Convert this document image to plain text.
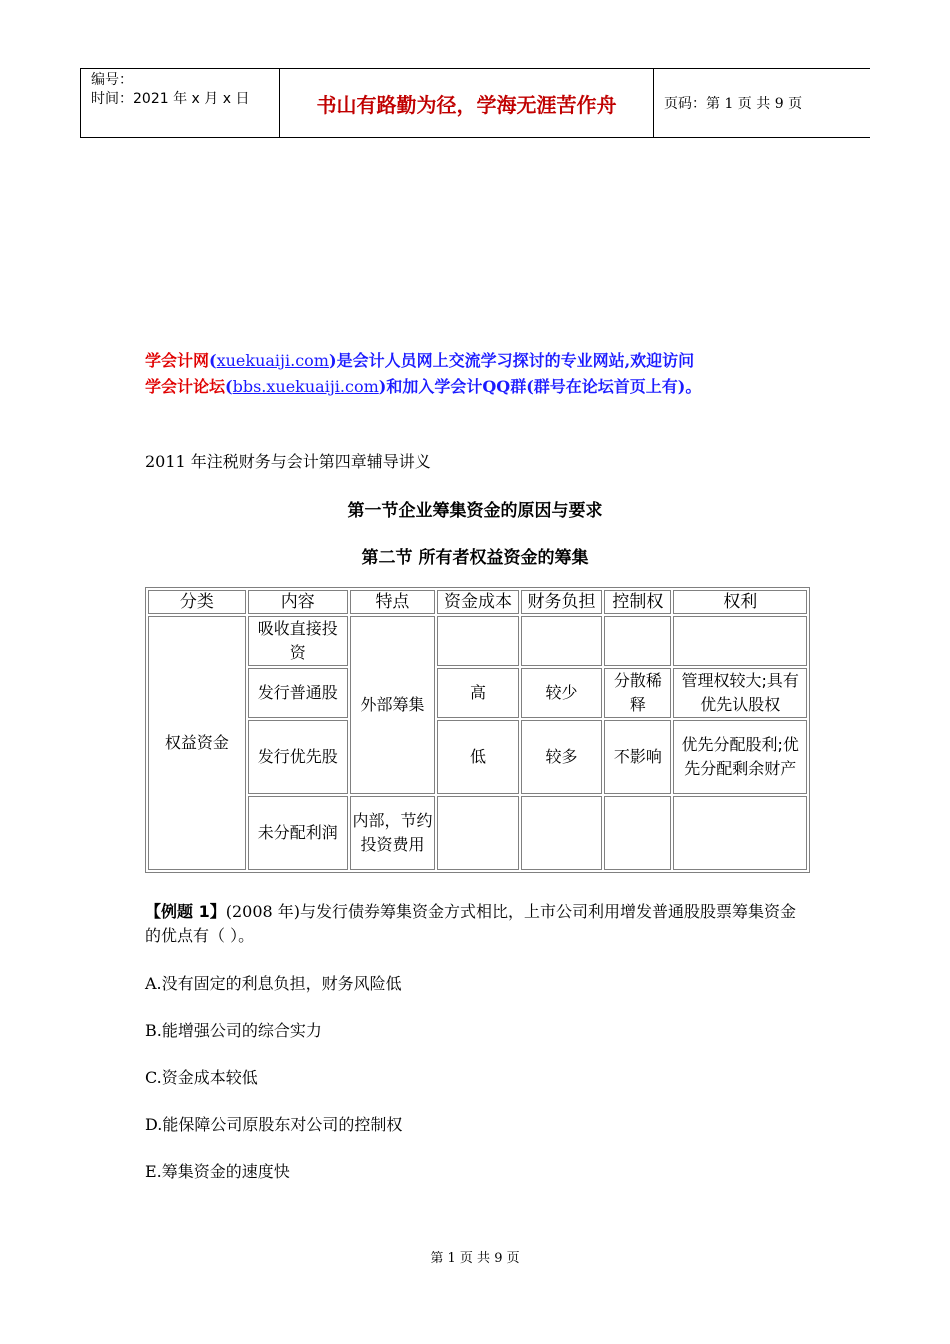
编号：
时间：2021 年 x 月 x 日	书山有路勤为径，学海无涯苦作舟	页码：第 1 页 共 9 页
学会计网(xuekuaiji.com)是会计人员网上交流学习探讨的专业网站,欢迎访问
学会计论坛(bbs.xuekuaiji.com)和加入学会计QQ群(群号在论坛首页上有)。
2011 年注税财务与会计第四章辅导讲义
第一节企业筹集资金的原因与要求
第二节 所有者权益资金的筹集
分类	内容	特点	资金成本	财务负担	控制权	权利
权益资金	吸收直接投资	外部筹集				
	发行普通股		高	较少	分散稀释	管理权较大;具有优先认股权
	发行优先股		低	较多	不影响	优先分配股利;优先分配剩余财产
	未分配利润	内部，节约投资费用				
【例题 1】(2008 年)与发行债券筹集资金方式相比，上市公司利用增发普通股股票筹集资金的优点有（ ）。
A.没有固定的利息负担，财务风险低
B.能增强公司的综合实力
C.资金成本较低
D.能保障公司原股东对公司的控制权
E.筹集资金的速度快
第 1 页 共 9 页
